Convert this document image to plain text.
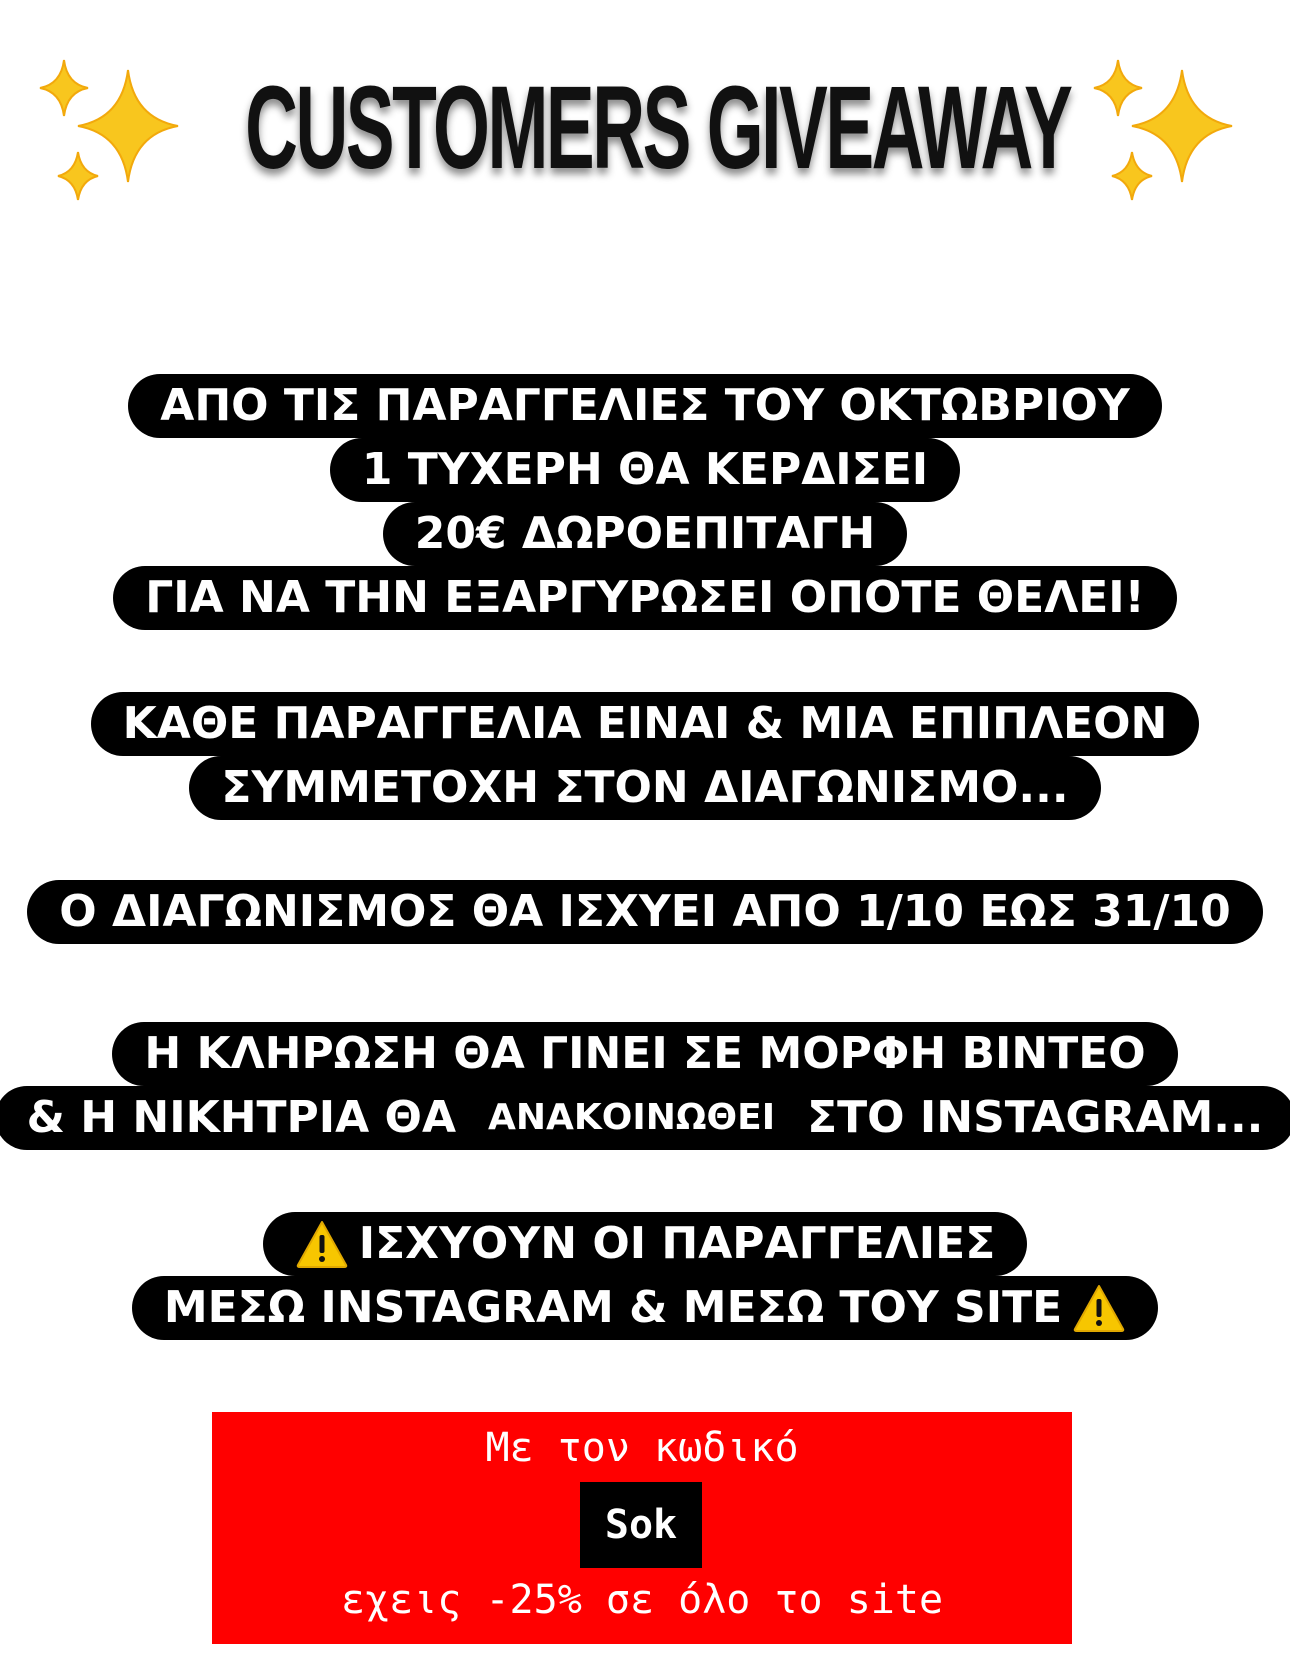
CUSTOMERS GIVEAWAY
ΑΠΟ ΤΙΣ ΠΑΡΑΓΓΕΛΙΕΣ ΤΟΥ ΟΚΤΩΒΡΙΟΥ
1 ΤΥΧΕΡΗ ΘΑ ΚΕΡΔΙΣΕΙ
20€ ΔΩΡΟΕΠΙΤΑΓΗ
ΓΙΑ ΝΑ ΤΗΝ ΕΞΑΡΓΥΡΩΣΕΙ ΟΠΟΤΕ ΘΕΛΕΙ!
ΚΑΘΕ ΠΑΡΑΓΓΕΛΙΑ ΕΙΝΑΙ & ΜΙΑ ΕΠΙΠΛΕΟΝ
ΣΥΜΜΕΤΟΧΗ ΣΤΟΝ ΔΙΑΓΩΝΙΣΜΟ...
Ο ΔΙΑΓΩΝΙΣΜΟΣ ΘΑ ΙΣΧΥΕΙ ΑΠΟ 1/10 ΕΩΣ 31/10
Η ΚΛΗΡΩΣΗ ΘΑ ΓΙΝΕΙ ΣΕ ΜΟΡΦΗ ΒΙΝΤΕΟ
& Η ΝΙΚΗΤΡΙΑ ΘΑ ΑΝΑΚΟΙΝΩΘΕΙ ΣΤΟ INSTAGRAM...
ΙΣΧΥΟΥΝ ΟΙ ΠΑΡΑΓΓΕΛΙΕΣ
ΜΕΣΩ INSTAGRAM & ΜΕΣΩ ΤΟΥ SITE
Με τον κωδικό
Sok
εχεις -25% σε όλο το site
